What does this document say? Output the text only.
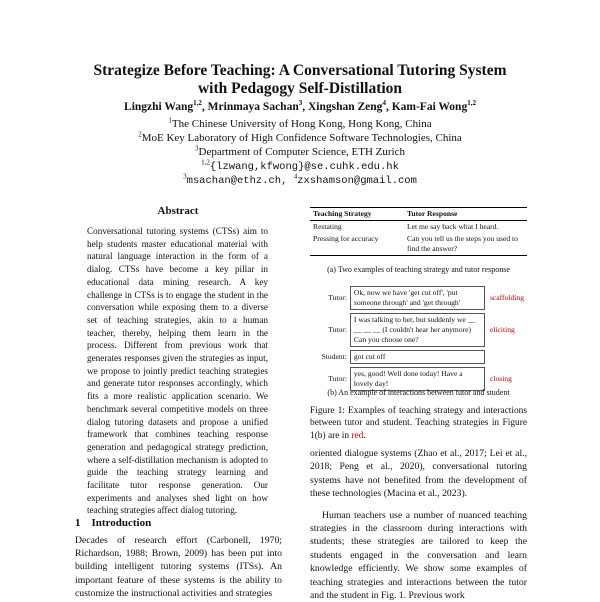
Strategize Before Teaching: A Conversational Tutoring System
with Pedagogy Self-Distillation
Lingzhi Wang$^{1,2}$, Mrinmaya Sachan$^3$, Xingshan Zeng$^4$, Kam-Fai Wong$^{1,2}$
$^1$The Chinese University of Hong Kong, Hong Kong, China
$^2$MoE Key Laboratory of High Confidence Software Technologies, China
$^3$Department of Computer Science, ETH Zurich
$^{1,2}${lzwang,kfwong}@se.cuhk.edu.hk
$^3$msachan@ethz.ch, $^4$zxshamson@gmail.com
Abstract
Conversational tutoring systems (CTSs) aim to help students master educational material with natural language interaction in the form of a dialog. CTSs have become a key pillar in educational data mining research. A key challenge in CTSs is to engage the student in the conversation while exposing them to a diverse set of teaching strategies, akin to a human teacher, thereby, helping them learn in the process. Different from previous work that generates responses given the strategies as input, we propose to jointly predict teaching strategies and generate tutor responses accordingly, which fits a more realistic application scenario. We benchmark several competitive models on three dialog tutoring datasets and propose a unified framework that combines teaching response generation and pedagogical strategy prediction, where a self-distillation mechanism is adopted to guide the teaching strategy learning and facilitate tutor response generation. Our experiments and analyses shed light on how teaching strategies affect dialog tutoring.
1 Introduction
Decades of research effort (Carbonell, 1970; Richardson, 1988; Brown, 2009) has been put into building intelligent tutoring systems (ITSs). An important feature of these systems is the ability to customize the instructional activities and strategies
Teaching Strategy	Tutor Response
Restating	Let me say back what I heard.
Pressing for accuracy	Can you tell us the steps you used to find the answer?
(a) Two examples of teaching strategy and tutor response
Tutor:	Ok, now we have 'get cut off', 'put someone through' and 'get through'	scaffolding

Tutor:	I was talking to her, but suddenly we __ __ __ __ (I couldn't hear her anymore) Can you choose one?	eliciting

Student:	got cut off	

Tutor:	yes, good! Well done today! Have a lovely day!	closing
(b) An example of interactions between tutor and student
Figure 1: Examples of teaching strategy and interactions between tutor and student. Teaching strategies in Figure 1(b) are in red.

oriented dialogue systems (Zhao et al., 2017; Lei et al., 2018; Peng et al., 2020), conversational tutoring systems have not benefited from the development of these technologies (Macina et al., 2023).

Human teachers use a number of nuanced teaching strategies in the classroom during interactions with students; these strategies are tailored to keep the students engaged in the conversation and learn knowledge efficiently. We show some examples of teaching strategies and interactions between the tutor and the student in Fig. 1. Previous work
